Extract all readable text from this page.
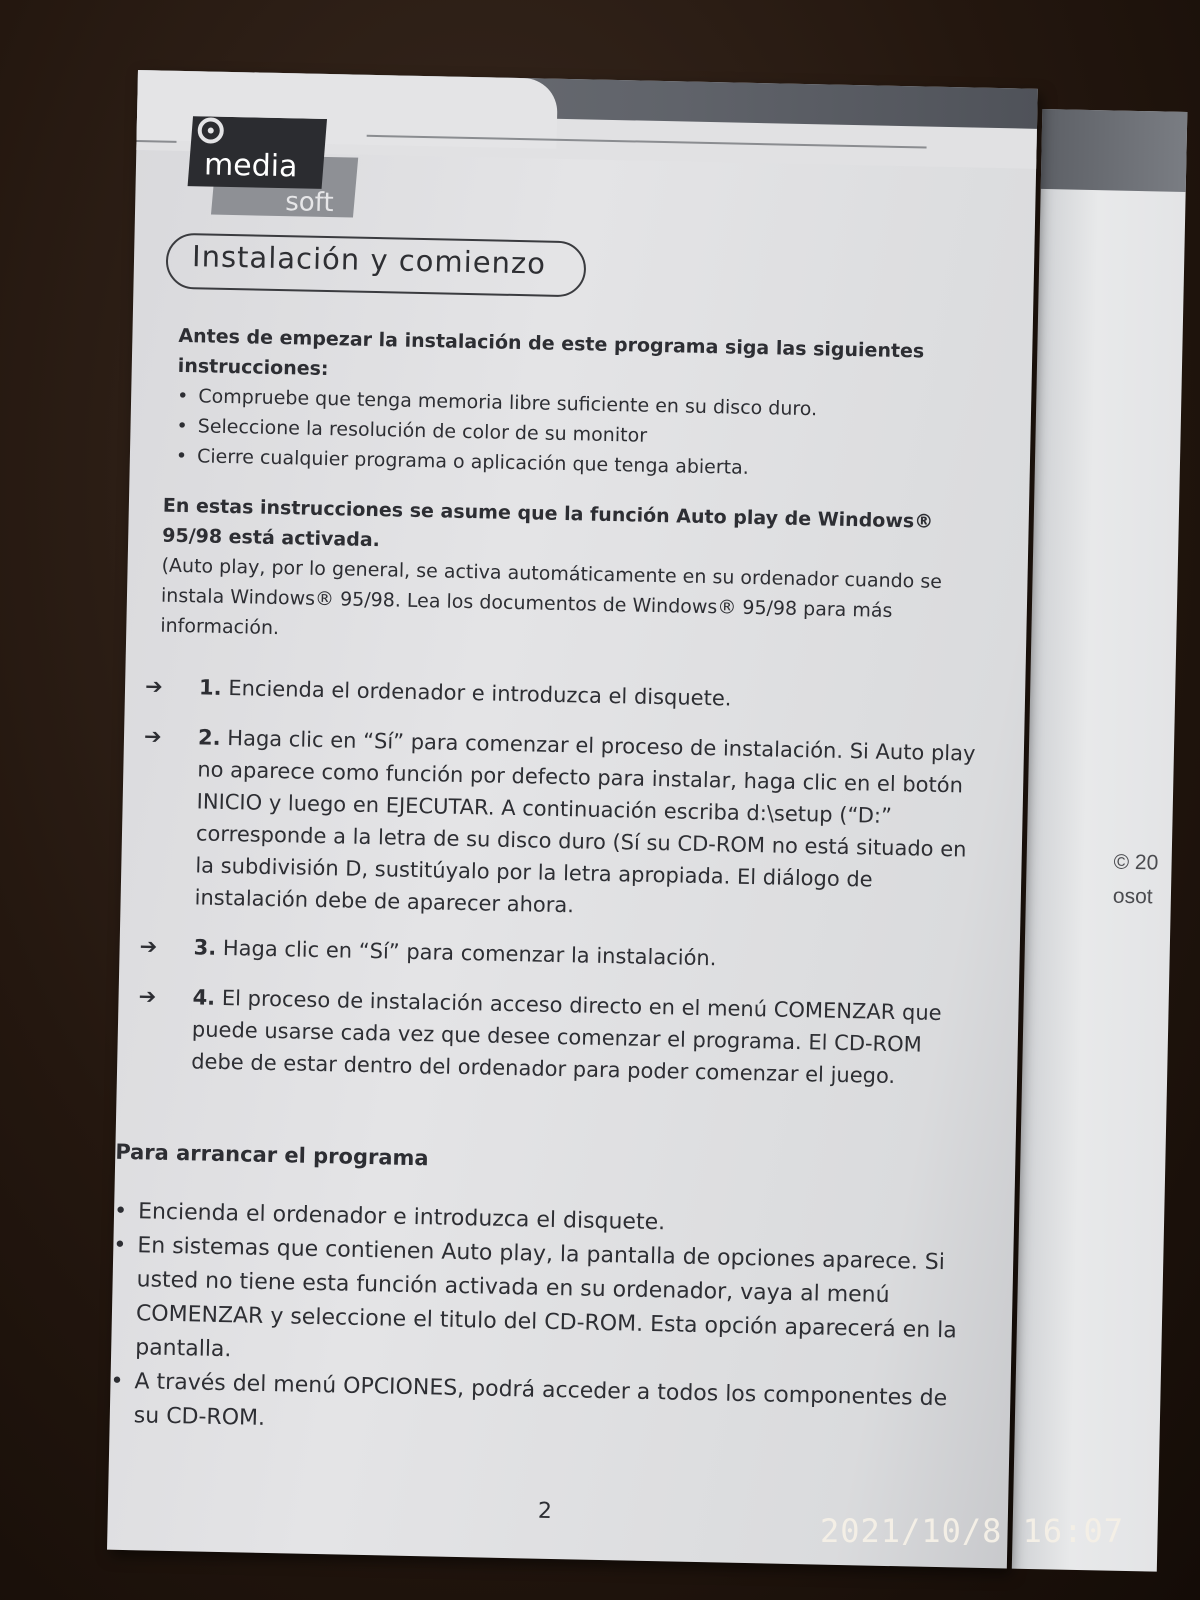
© 20
osot
media
soft
Instalación y comienzo
Antes de empezar la instalación de este programa siga las siguientes instrucciones:
• Compruebe que tenga memoria libre suficiente en su disco duro.
• Seleccione la resolución de color de su monitor
• Cierre cualquier programa o aplicación que tenga abierta.
En estas instrucciones se asume que la función Auto play de Windows® 95/98 está activada.
(Auto play, por lo general, se activa automáticamente en su ordenador cuando se instala Windows® 95/98. Lea los documentos de Windows® 95/98 para más información.
➔ 1. Encienda el ordenador e introduzca el disquete.
➔ 2. Haga clic en “Sí” para comenzar el proceso de instalación. Si Auto play no aparece como función por defecto para instalar, haga clic en el botón INICIO y luego en EJECUTAR. A continuación escriba d:\setup (“D:” corresponde a la letra de su disco duro (Sí su CD-ROM no está situado en la subdivisión D, sustitúyalo por la letra apropiada. El diálogo de instalación debe de aparecer ahora.
➔ 3. Haga clic en “Sí” para comenzar la instalación.
➔ 4. El proceso de instalación acceso directo en el menú COMENZAR que puede usarse cada vez que desee comenzar el programa. El CD-ROM debe de estar dentro del ordenador para poder comenzar el juego.
Para arrancar el programa
• Encienda el ordenador e introduzca el disquete.
• En sistemas que contienen Auto play, la pantalla de opciones aparece. Si usted no tiene esta función activada en su ordenador, vaya al menú COMENZAR y seleccione el titulo del CD-ROM. Esta opción aparecerá en la pantalla.
• A través del menú OPCIONES, podrá acceder a todos los componentes de su CD-ROM.
2
2021/10/8 16:07
